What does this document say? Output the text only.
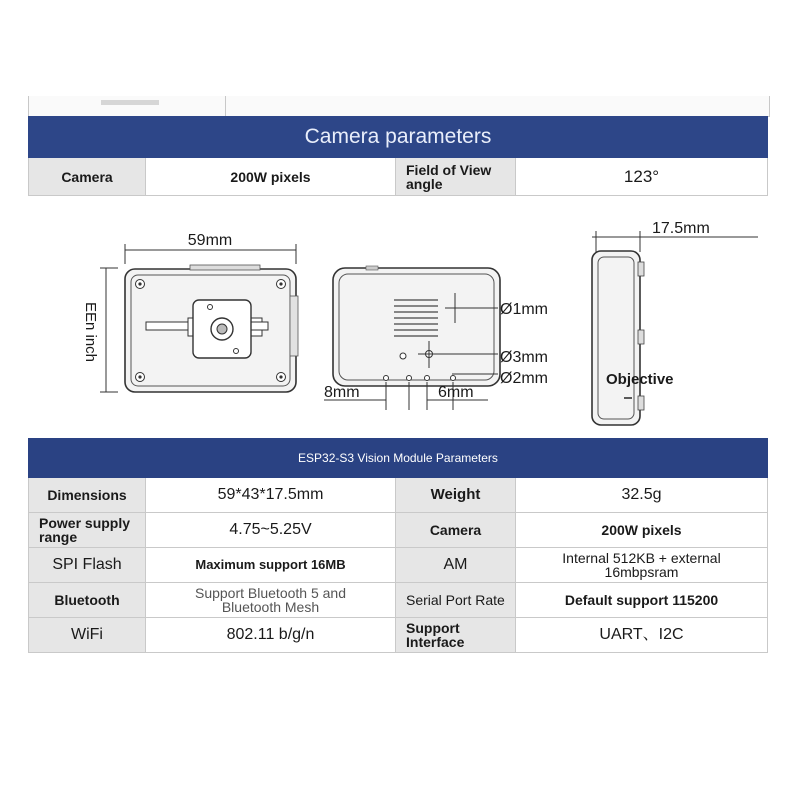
Camera parameters
Camera	200W pixels	Field of View angle	123°
59mm
EEn inch	Ø1mm
Ø3mm
Ø2mm
8mm	6mm
17.5mm
Objective
ESP32-S3 Vision Module Parameters
Dimensions	59*43*17.5mm	Weight	32.5g
Power supply range	4.75~5.25V	Camera	200W pixels
SPI Flash	Maximum support 16MB	AM	Internal 512KB + external 16mbpsram
Bluetooth	Support Bluetooth 5 and Bluetooth Mesh	Serial Port Rate	Default support 115200
WiFi	802.11 b/g/n	Support Interface	UART、I2C
